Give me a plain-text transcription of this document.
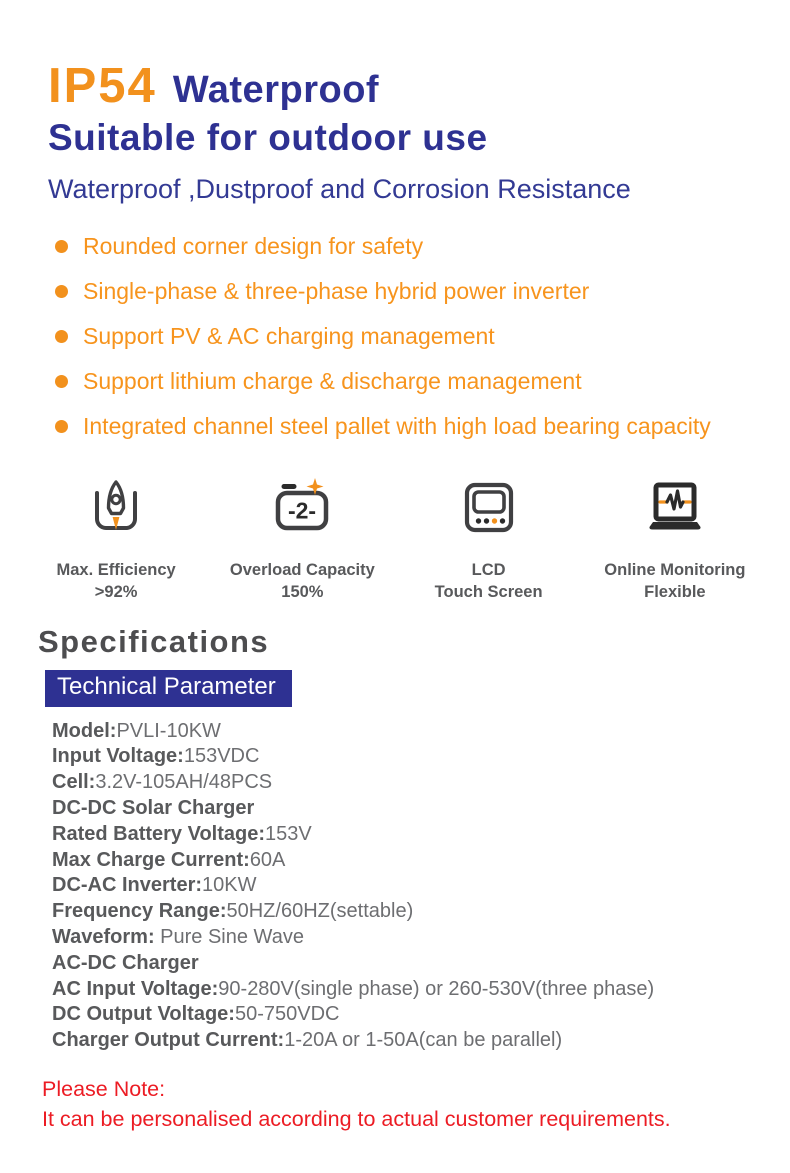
IP54 Waterproof
Suitable for outdoor use
Waterproof ,Dustproof and Corrosion Resistance
Rounded corner design for safety
Single-phase & three-phase hybrid power inverter
Support PV & AC charging management
Support lithium charge & discharge management
Integrated channel steel pallet with high load bearing capacity
Max. Efficiency
>92%
-2-
Overload Capacity
150%
LCD
Touch Screen
Online Monitoring
Flexible
Specifications
Technical Parameter
Model:PVLI-10KW
Input Voltage:153VDC
Cell:3.2V-105AH/48PCS
DC-DC Solar Charger
Rated Battery Voltage:153V
Max Charge Current:60A
DC-AC Inverter:10KW
Frequency Range:50HZ/60HZ(settable)
Waveform: Pure Sine Wave
AC-DC Charger
AC Input Voltage:90-280V(single phase) or 260-530V(three phase)
DC Output Voltage:50-750VDC
Charger Output Current:1-20A or 1-50A(can be parallel)
Please Note:
It can be personalised according to actual customer requirements.
